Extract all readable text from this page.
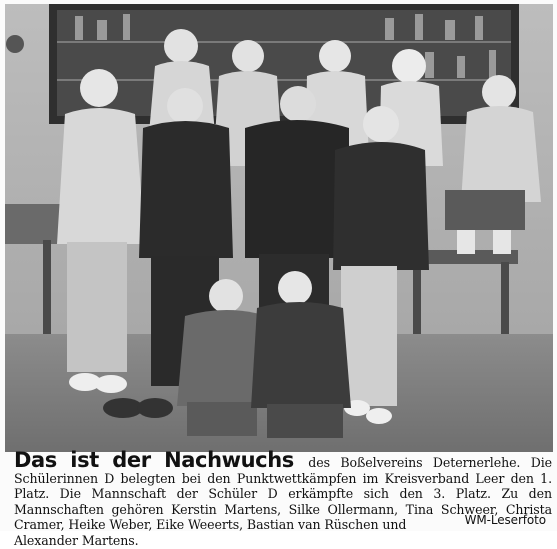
Das ist der Nachwuchs des Boßelvereins Deternerlehe. Die Schülerinnen D belegten bei den Punktwettkämpfen im Kreisverband Leer den 1. Platz. Die Mannschaft der Schüler D erkämpfte sich den 3. Platz. Zu den Mannschaften gehören Kerstin Martens, Silke Ollermann, Tina Schweer, Christa Cramer, Heike Weber, Eike Weeerts, Bastian van Rüschen und
Alexander Martens.
WM-Leserfoto
